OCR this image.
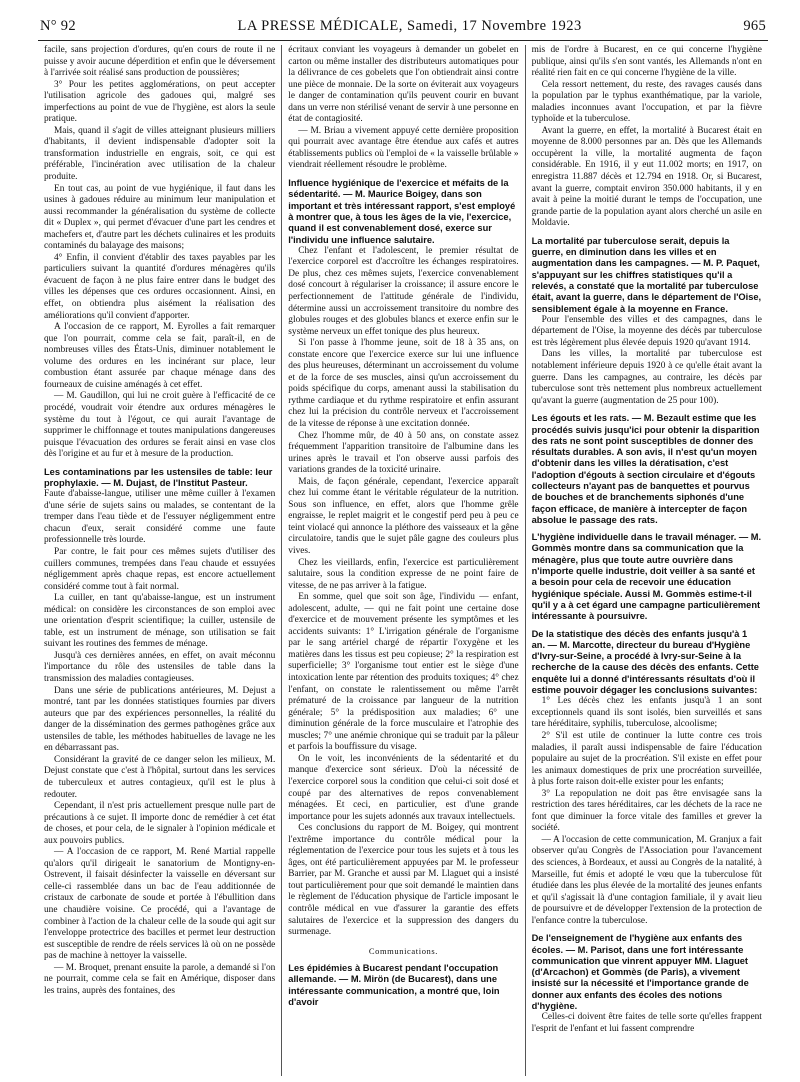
N° 92	LA PRESSE MÉDICALE, Samedi, 17 Novembre 1923	965

facile, sans projection d'ordures, qu'en cours de route il ne puisse y avoir aucune déperdition et enfin que le déversement à l'arrivée soit réalisé sans production de poussières;

3° Pour les petites agglomérations, on peut accepter l'utilisation agricole des gadoues qui, malgré ses imperfections au point de vue de l'hygiène, est alors la seule pratique.

Mais, quand il s'agit de villes atteignant plusieurs milliers d'habitants, il devient indispensable d'adopter soit la transformation industrielle en engrais, soit, ce qui est préférable, l'incinération avec utilisation de la chaleur produite.

En tout cas, au point de vue hygiénique, il faut dans les usines à gadoues réduire au minimum leur manipulation et aussi recommander la généralisation du système de collecte dit « Duplex », qui permet d'évacuer d'une part les cendres et machefers et, d'autre part les déchets culinaires et les produits contaminés du balayage des maisons;

4° Enfin, il convient d'établir des taxes payables par les particuliers suivant la quantité d'ordures ménagères qu'ils évacuent de façon à ne plus faire entrer dans le budget des villes les dépenses que ces ordures occasionnent. Ainsi, en effet, on obtiendra plus aisément la réalisation des améliorations qu'il convient d'apporter.

A l'occasion de ce rapport, M. Eyrolles a fait remarquer que l'on pourrait, comme cela se fait, paraît-il, en de nombreuses villes des États-Unis, diminuer notablement le volume des ordures en les incinérant sur place, leur combustion étant assurée par chaque ménage dans des fourneaux de cuisine aménagés à cet effet.

— M. Gaudillon, qui lui ne croit guère à l'efficacité de ce procédé, voudrait voir étendre aux ordures ménagères le système du tout à l'égout, ce qui aurait l'avantage de supprimer le chiffonnage et toutes manipulations dangereuses puisque l'évacuation des ordures se ferait ainsi en vase clos dès l'origine et au fur et à mesure de la production.

Les contaminations par les ustensiles de table: leur prophylaxie. — M. Dujast, de l'Institut Pasteur.

Faute d'abaisse-langue, utiliser une même cuiller à l'examen d'une série de sujets sains ou malades, se contentant de la tremper dans l'eau tiède et de l'essuyer négligemment entre chacun d'eux, serait considéré comme une faute professionnelle très lourde.

Par contre, le fait pour ces mêmes sujets d'utiliser des cuillers communes, trempées dans l'eau chaude et essuyées négligemment après chaque repas, est encore actuellement considéré comme tout à fait normal.

La cuiller, en tant qu'abaisse-langue, est un instrument médical: on considère les circonstances de son emploi avec une orientation d'esprit scientifique; la cuiller, ustensile de table, est un instrument de ménage, son utilisation se fait suivant les routines des femmes de ménage.

Jusqu'à ces dernières années, en effet, on avait méconnu l'importance du rôle des ustensiles de table dans la transmission des maladies contagieuses.

Dans une série de publications antérieures, M. Dejust a montré, tant par les données statistiques fournies par divers auteurs que par des expériences personnelles, la réalité du danger de la dissémination des germes pathogènes grâce aux ustensiles de table, les méthodes habituelles de lavage ne les en débarrassant pas.

Considérant la gravité de ce danger selon les milieux, M. Dejust constate que c'est à l'hôpital, surtout dans les services de tuberculeux et autres contagieux, qu'il est le plus à redouter.

Cependant, il n'est pris actuellement presque nulle part de précautions à ce sujet. Il importe donc de remédier à cet état de choses, et pour cela, de le signaler à l'opinion médicale et aux pouvoirs publics.

— A l'occasion de ce rapport, M. René Martial rappelle qu'alors qu'il dirigeait le sanatorium de Montigny-en-Ostrevent, il faisait désinfecter la vaisselle en déversant sur celle-ci rassemblée dans un bac de l'eau additionnée de cristaux de carbonate de soude et portée à l'ébullition dans une chaudière voisine. Ce procédé, qui a l'avantage de combiner à l'action de la chaleur celle de la soude qui agit sur l'enveloppe protectrice des bacilles et permet leur destruction est susceptible de rendre de réels services là où on ne possède pas de machine à nettoyer la vaisselle.

— M. Broquet, prenant ensuite la parole, a demandé si l'on ne pourrait, comme cela se fait en Amérique, disposer dans les trains, auprès des fontaines, des

écritaux conviant les voyageurs à demander un gobelet en carton ou même installer des distributeurs automatiques pour la délivrance de ces gobelets que l'on obtiendrait ainsi contre une pièce de monnaie. De la sorte on éviterait aux voyageurs le danger de contamination qu'ils peuvent courir en buvant dans un verre non stérilisé venant de servir à une personne en état de contagiosité.

— M. Briau a vivement appuyé cette dernière proposition qui pourrait avec avantage être étendue aux cafés et autres établissements publics où l'emploi de « la vaisselle brûlable » viendrait réellement résoudre le problème.

Influence hygiénique de l'exercice et méfaits de la sédentarité. — M. Maurice Boigey, dans son important et très intéressant rapport, s'est employé à montrer que, à tous les âges de la vie, l'exercice, quand il est convenablement dosé, exerce sur l'individu une influence salutaire.

Chez l'enfant et l'adolescent, le premier résultat de l'exercice corporel est d'accroître les échanges respiratoires. De plus, chez ces mêmes sujets, l'exercice convenablement dosé concourt à régulariser la croissance; il assure encore le perfectionnement de l'attitude générale de l'individu, détermine aussi un accroissement transitoire du nombre des globules rouges et des globules blancs et exerce enfin sur le système nerveux un effet tonique des plus heureux.

Si l'on passe à l'homme jeune, soit de 18 à 35 ans, on constate encore que l'exercice exerce sur lui une influence des plus heureuses, déterminant un accroissement du volume et de la force de ses muscles, ainsi qu'un accroissement du poids spécifique du corps, amenant aussi la stabilisation du rythme cardiaque et du rythme respiratoire et enfin assurant chez lui la précision du contrôle nerveux et l'accroissement de la vitesse de réponse à une excitation donnée.

Chez l'homme mûr, de 40 à 50 ans, on constate assez fréquemment l'apparition transitoire de l'albumine dans les urines après le travail et l'on observe aussi parfois des variations grandes de la toxicité urinaire.

Mais, de façon générale, cependant, l'exercice apparaît chez lui comme étant le véritable régulateur de la nutrition. Sous son influence, en effet, alors que l'homme grêle engraisse, le replet maigrit et le congestif perd peu à peu ce teint violacé qui annonce la pléthore des vaisseaux et la gêne circulatoire, tandis que le sujet pâle gagne des couleurs plus vives.

Chez les vieillards, enfin, l'exercice est particulièrement salutaire, sous la condition expresse de ne point faire de vitesse, de ne pas arriver à la fatigue.

En somme, quel que soit son âge, l'individu — enfant, adolescent, adulte, — qui ne fait point une certaine dose d'exercice et de mouvement présente les symptômes et les accidents suivants: 1° L'irrigation générale de l'organisme par le sang artériel chargé de répartir l'oxygène et les matières dans les tissus est peu copieuse; 2° la respiration est superficielle; 3° l'organisme tout entier est le siège d'une intoxication lente par rétention des produits toxiques; 4° chez l'enfant, on constate le ralentissement ou même l'arrêt prématuré de la croissance par langueur de la nutrition générale; 5° la prédisposition aux maladies; 6° une diminution générale de la force musculaire et l'atrophie des muscles; 7° une anémie chronique qui se traduit par la pâleur et parfois la bouffissure du visage.

On le voit, les inconvénients de la sédentarité et du manque d'exercice sont sérieux. D'où la nécessité de l'exercice corporel sous la condition que celui-ci soit dosé et coupé par des alternatives de repos convenablement ménagées. Et ceci, en particulier, est d'une grande importance pour les sujets adonnés aux travaux intellectuels.

Ces conclusions du rapport de M. Boigey, qui montrent l'extrême importance du contrôle médical pour la réglementation de l'exercice pour tous les sujets et à tous les âges, ont été particulièrement appuyées par M. le professeur Barrier, par M. Granche et aussi par M. Llaguet qui a insisté tout particulièrement pour que soit demandé le maintien dans le règlement de l'éducation physique de l'article imposant le contrôle médical en vue d'assurer la garantie des effets salutaires de l'exercice et la suppression des dangers du surmenage.

Communications.
Les épidémies à Bucarest pendant l'occupation allemande. — M. Mirön (de Bucarest), dans une intéressante communication, a montré que, loin d'avoir

mis de l'ordre à Bucarest, en ce qui concerne l'hygiène publique, ainsi qu'ils s'en sont vantés, les Allemands n'ont en réalité rien fait en ce qui concerne l'hygiène de la ville.

Cela ressort nettement, du reste, des ravages causés dans la population par le typhus exanthématique, par la variole, maladies inconnues avant l'occupation, et par la fièvre typhoïde et la tuberculose.

Avant la guerre, en effet, la mortalité à Bucarest était en moyenne de 8.000 personnes par an. Dès que les Allemands occupèrent la ville, la mortalité augmenta de façon considérable. En 1916, il y eut 11.002 morts; en 1917, on enregistra 11.887 décès et 12.794 en 1918. Or, si Bucarest, avant la guerre, comptait environ 350.000 habitants, il y en avait à peine la moitié durant le temps de l'occupation, une grande partie de la population ayant alors cherché un asile en Moldavie.

La mortalité par tuberculose serait, depuis la guerre, en diminution dans les villes et en augmentation dans les campagnes. — M. P. Paquet, s'appuyant sur les chiffres statistiques qu'il a relevés, a constaté que la mortalité par tuberculose était, avant la guerre, dans le département de l'Oise, sensiblement égale à la moyenne en France.

Pour l'ensemble des villes et des campagnes, dans le département de l'Oise, la moyenne des décès par tuberculose est très légèrement plus élevée depuis 1920 qu'avant 1914.

Dans les villes, la mortalité par tuberculose est notablement inférieure depuis 1920 à ce qu'elle était avant la guerre. Dans les campagnes, au contraire, les décès par tuberculose sont très nettement plus nombreux actuellement qu'avant la guerre (augmentation de 25 pour 100).

Les égouts et les rats. — M. Bezault estime que les procédés suivis jusqu'ici pour obtenir la disparition des rats ne sont point susceptibles de donner des résultats durables. A son avis, il n'est qu'un moyen d'obtenir dans les villes la dératisation, c'est l'adoption d'égouts à section circulaire et d'égouts collecteurs n'ayant pas de banquettes et pourvus de bouches et de branchements siphonés d'une façon efficace, de manière à intercepter de façon absolue le passage des rats.
L'hygiène individuelle dans le travail ménager. — M. Gommès montre dans sa communication que la ménagère, plus que toute autre ouvrière dans n'importe quelle industrie, doit veiller à sa santé et a besoin pour cela de recevoir une éducation hygiénique spéciale. Aussi M. Gommès estime-t-il qu'il y a à cet égard une campagne particulièrement intéressante à poursuivre.
De la statistique des décès des enfants jusqu'à 1 an. — M. Marcotte, directeur du bureau d'Hygiène d'Ivry-sur-Seine, a procédé à Ivry-sur-Seine à la recherche de la cause des décès des enfants. Cette enquête lui a donné d'intéressants résultats d'où il estime pouvoir dégager les conclusions suivantes:

1° Les décès chez les enfants jusqu'à 1 an sont exceptionnels quand ils sont isolés, bien surveillés et sans tare héréditaire, syphilis, tuberculose, alcoolisme;

2° S'il est utile de continuer la lutte contre ces trois maladies, il paraît aussi indispensable de faire l'éducation populaire au sujet de la procréation. S'il existe en effet pour les animaux domestiques de prix une procréation surveillée, à plus forte raison doit-elle exister pour les enfants;

3° La repopulation ne doit pas être envisagée sans la restriction des tares héréditaires, car les déchets de la race ne font que diminuer la force vitale des familles et grever la société.

— A l'occasion de cette communication, M. Granjux a fait observer qu'au Congrès de l'Association pour l'avancement des sciences, à Bordeaux, et aussi au Congrès de la natalité, à Marseille, fut émis et adopté le vœu que la tuberculose fût étudiée dans les plus élevée de la mortalité des jeunes enfants et qu'il s'agissait là d'une contagion familiale, il y avait lieu de poursuivre et de développer l'extension de la protection de l'enfance contre la tuberculose.

De l'enseignement de l'hygiène aux enfants des écoles. — M. Parisot, dans une fort intéressante communication que vinrent appuyer MM. Llaguet (d'Arcachon) et Gommès (de Paris), a vivement insisté sur la nécessité et l'importance grande de donner aux enfants des écoles des notions d'hygiène.

Celles-ci doivent être faites de telle sorte qu'elles frappent l'esprit de l'enfant et lui fassent comprendre
